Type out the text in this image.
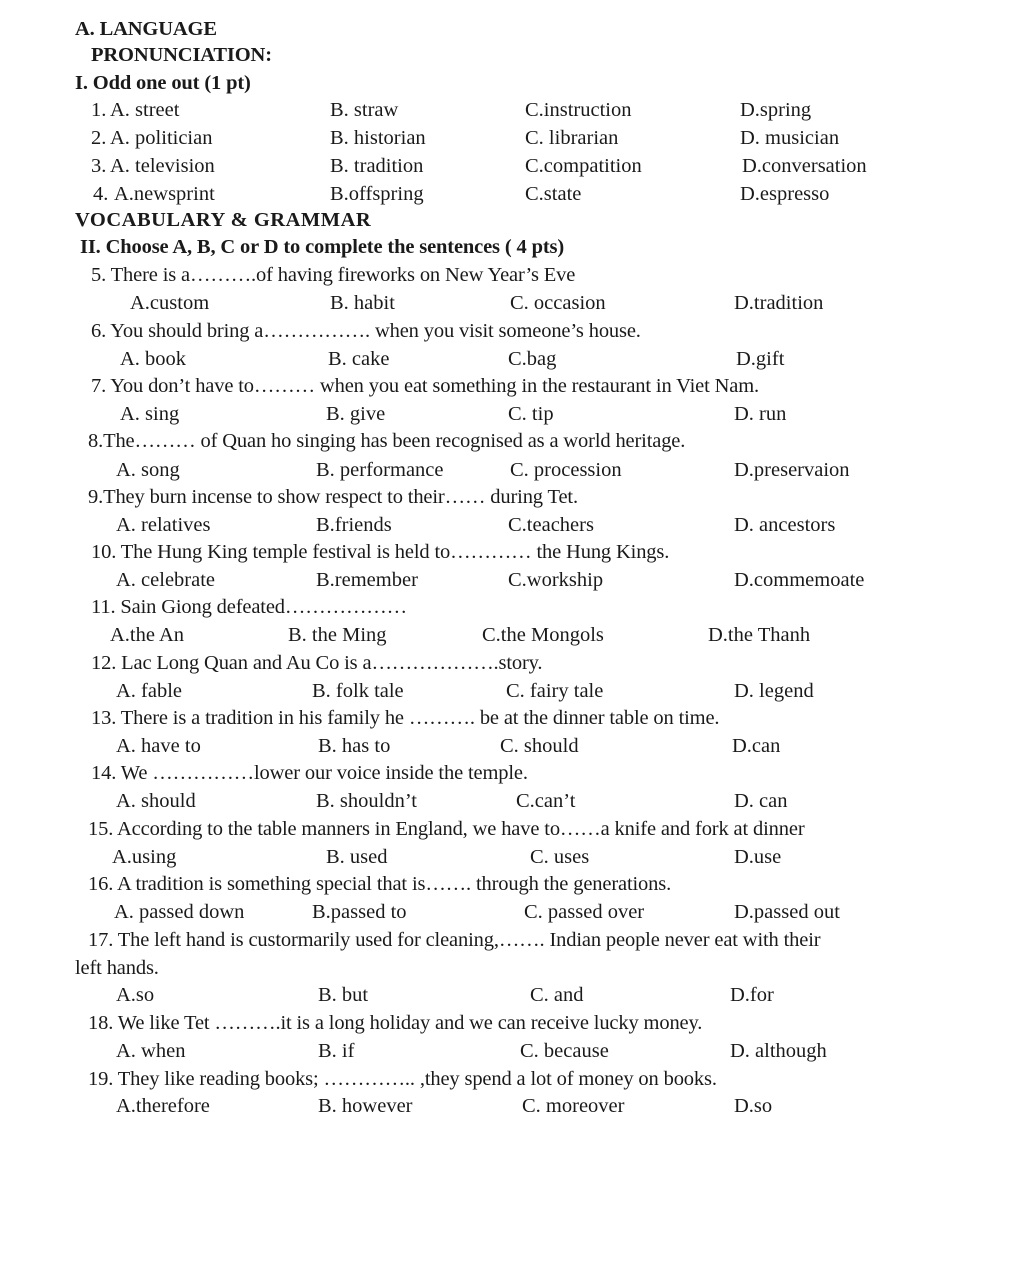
A. LANGUAGE
PRONUNCIATION:
I. Odd one out (1 pt)
1. A. street	B. straw	C.instruction	D.spring
2. A. politician	B. historian	C. librarian	D. musician
3. A. television	B. tradition	C.compatition	D.conversation
4. A.newsprint	B.offspring	C.state	D.espresso
VOCABULARY & GRAMMAR
II. Choose A, B, C or D to complete the sentences ( 4 pts)
5. There is a……….of having fireworks on New Year’s Eve
A.custom	B. habit	C. occasion	D.tradition
6. You should bring a……………. when you visit someone’s house.
A. book	B. cake	C.bag	D.gift
7. You don’t have to……… when you eat something in the restaurant in Viet Nam.
A. sing	B. give	C. tip	D. run
8.The……… of Quan ho singing has been recognised as a world heritage.
A. song	B. performance	C. procession	D.preservaion
9.They burn incense to show respect to their…… during Tet.
A. relatives	B.friends	C.teachers	D. ancestors
10. The Hung King temple festival is held to………… the Hung Kings.
A. celebrate	B.remember	C.workship	D.commemoate
11. Sain Giong defeated………………
A.the An	B. the Ming	C.the Mongols	D.the Thanh
12. Lac Long Quan and Au Co is a……………….story.
A. fable	B. folk tale	C. fairy tale	D. legend
13. There is a tradition in his family he ………. be at the dinner table on time.
A. have to	B. has to	C. should	D.can
14. We ……………lower our voice inside the temple.
A. should	B. shouldn’t	C.can’t	D. can
15. According to the table manners in England, we have to……a knife and fork at dinner
A.using	B. used	C. uses	D.use
16. A tradition is something special that is……. through the generations.
A. passed down	B.passed to	C. passed over	D.passed out
17. The left hand is custormarily used for cleaning,……. Indian people never eat with their
left hands.
A.so	B. but	C. and	D.for
18. We like Tet ……….it is a long holiday and we can receive lucky money.
A. when	B. if	C. because	D. although
19. They like reading books; ………….. ,they spend a lot of money on books.
A.therefore	B. however	C. moreover	D.so
